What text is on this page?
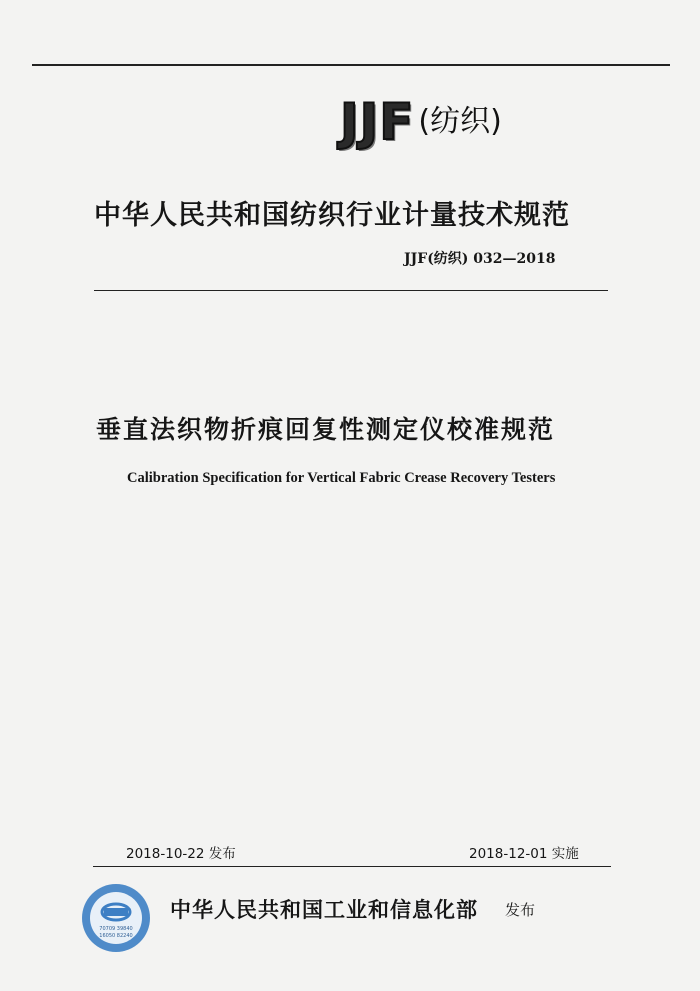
JJF (纺织)
中华人民共和国纺织行业计量技术规范
JJF(纺织) 032—2018
垂直法织物折痕回复性测定仪校准规范
Calibration Specification for Vertical Fabric Crease Recovery Testers
2018-10-22 发布	2018-12-01 实施
70709 39840
16050 82240
中华人民共和国工业和信息化部 发布
